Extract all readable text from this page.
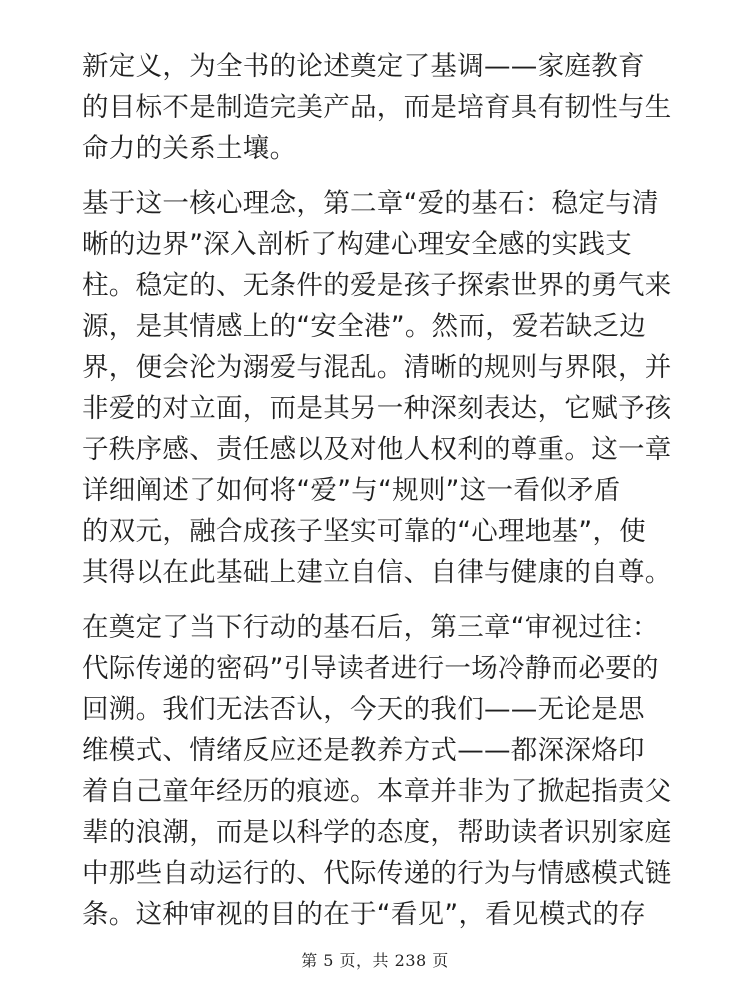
新定义，为全书的论述奠定了基调——家庭教育
的目标不是制造完美产品，而是培育具有韧性与生
命力的关系土壤。

基于这一核心理念，第二章“爱的基石：稳定与清
晰的边界”深入剖析了构建心理安全感的实践支
柱。稳定的、无条件的爱是孩子探索世界的勇气来
源，是其情感上的“安全港”。然而，爱若缺乏边
界，便会沦为溺爱与混乱。清晰的规则与界限，并
非爱的对立面，而是其另一种深刻表达，它赋予孩
子秩序感、责任感以及对他人权利的尊重。这一章
详细阐述了如何将“爱”与“规则”这一看似矛盾
的双元，融合成孩子坚实可靠的“心理地基”，使
其得以在此基础上建立自信、自律与健康的自尊。

在奠定了当下行动的基石后，第三章“审视过往：
代际传递的密码”引导读者进行一场冷静而必要的
回溯。我们无法否认，今天的我们——无论是思
维模式、情绪反应还是教养方式——都深深烙印
着自己童年经历的痕迹。本章并非为了掀起指责父
辈的浪潮，而是以科学的态度，帮助读者识别家庭
中那些自动运行的、代际传递的行为与情感模式链
条。这种审视的目的在于“看见”，看见模式的存

第 5 页，共 238 页
